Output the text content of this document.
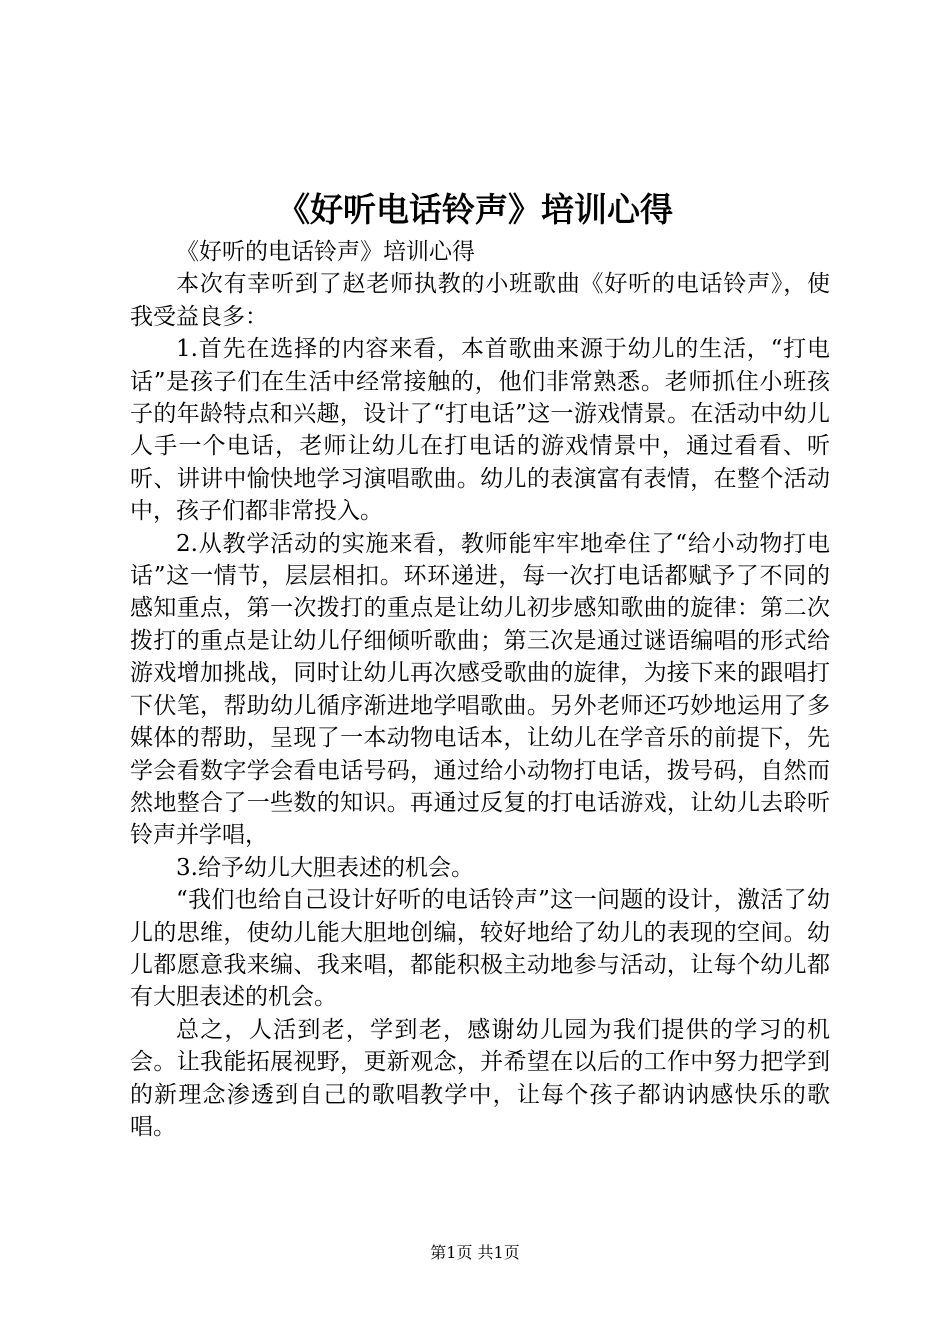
《好听电话铃声》培训心得

《好听的电话铃声》培训心得

本次有幸听到了赵老师执教的小班歌曲《好听的电话铃声》，使我受益良多：

1.首先在选择的内容来看，本首歌曲来源于幼儿的生活，“打电话”是孩子们在生活中经常接触的，他们非常熟悉。老师抓住小班孩子的年龄特点和兴趣，设计了“打电话”这一游戏情景。在活动中幼儿人手一个电话，老师让幼儿在打电话的游戏情景中，通过看看、听听、讲讲中愉快地学习演唱歌曲。幼儿的表演富有表情，在整个活动中，孩子们都非常投入。

2.从教学活动的实施来看，教师能牢牢地牵住了“给小动物打电话”这一情节，层层相扣。环环递进，每一次打电话都赋予了不同的感知重点，第一次拨打的重点是让幼儿初步感知歌曲的旋律：第二次拨打的重点是让幼儿仔细倾听歌曲；第三次是通过谜语编唱的形式给游戏增加挑战，同时让幼儿再次感受歌曲的旋律，为接下来的跟唱打下伏笔，帮助幼儿循序渐进地学唱歌曲。另外老师还巧妙地运用了多媒体的帮助，呈现了一本动物电话本，让幼儿在学音乐的前提下，先学会看数字学会看电话号码，通过给小动物打电话，拨号码，自然而然地整合了一些数的知识。再通过反复的打电话游戏，让幼儿去聆听铃声并学唱，

3.给予幼儿大胆表述的机会。

“我们也给自己设计好听的电话铃声”这一问题的设计，激活了幼儿的思维，使幼儿能大胆地创编，较好地给了幼儿的表现的空间。幼儿都愿意我来编、我来唱，都能积极主动地参与活动，让每个幼儿都有大胆表述的机会。

总之，人活到老，学到老，感谢幼儿园为我们提供的学习的机会。让我能拓展视野，更新观念，并希望在以后的工作中努力把学到的新理念渗透到自己的歌唱教学中，让每个孩子都讷讷感快乐的歌唱。

第1页 共1页
